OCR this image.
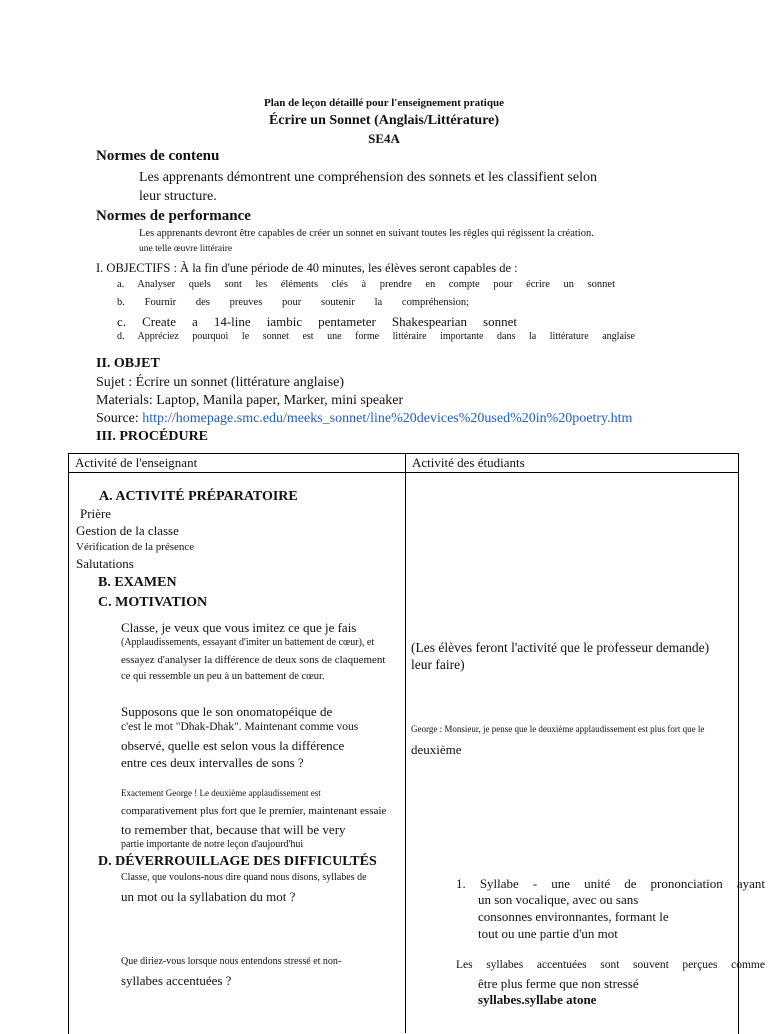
Plan de leçon détaillé pour l'enseignement pratique
Écrire un Sonnet (Anglais/Littérature)
SE4A
Normes de contenu
Les apprenants démontrent une compréhension des sonnets et les classifient selon
leur structure.
Normes de performance
Les apprenants devront être capables de créer un sonnet en suivant toutes les règles qui régissent la création.
une telle œuvre littéraire
I. OBJECTIFS : À la fin d'une période de 40 minutes, les élèves seront capables de :
a. Analyser quels sont les éléments clés à prendre en compte pour écrire un sonnet
b. Fournir des preuves pour soutenir la compréhension;
c. Create a 14-line iambic pentameter Shakespearian sonnet
d. Appréciez pourquoi le sonnet est une forme littéraire importante dans la littérature anglaise
II. OBJET
Sujet : Écrire un sonnet (littérature anglaise)
Materials: Laptop, Manila paper, Marker, mini speaker
Source: http://homepage.smc.edu/meeks_sonnet/line%20devices%20used%20in%20poetry.htm
III. PROCÉDURE
Activité de l'enseignant	Activité des étudiants
A. ACTIVITÉ PRÉPARATOIRE
Prière
Gestion de la classe
Vérification de la présence
Salutations
B. EXAMEN
C. MOTIVATION
Classe, je veux que vous imitez ce que je fais
(Applaudissements, essayant d'imiter un battement de cœur), et
essayez d'analyser la différence de deux sons de claquement
ce qui ressemble un peu à un battement de cœur.
(Les élèves feront l'activité que le professeur demande)
leur faire)
Supposons que le son onomatopéique de
c'est le mot "Dhak-Dhak". Maintenant comme vous
observé, quelle est selon vous la différence
entre ces deux intervalles de sons ?
George : Monsieur, je pense que le deuxième applaudissement est plus fort que le
deuxième
Exactement George ! Le deuxième applaudissement est
comparativement plus fort que le premier, maintenant essaie
to remember that, because that will be very
partie importante de notre leçon d'aujourd'hui
D. DÉVERROUILLAGE DES DIFFICULTÉS
Classe, que voulons-nous dire quand nous disons, syllabes de
un mot ou la syllabation du mot ?
1. Syllabe - une unité de prononciation ayant
un son vocalique, avec ou sans
consonnes environnantes, formant le
tout ou une partie d'un mot
Que diriez-vous lorsque nous entendons stressé et non-
syllabes accentuées ?
Les syllabes accentuées sont souvent perçues comme
être plus ferme que non stressé
syllabes.syllabe atone
